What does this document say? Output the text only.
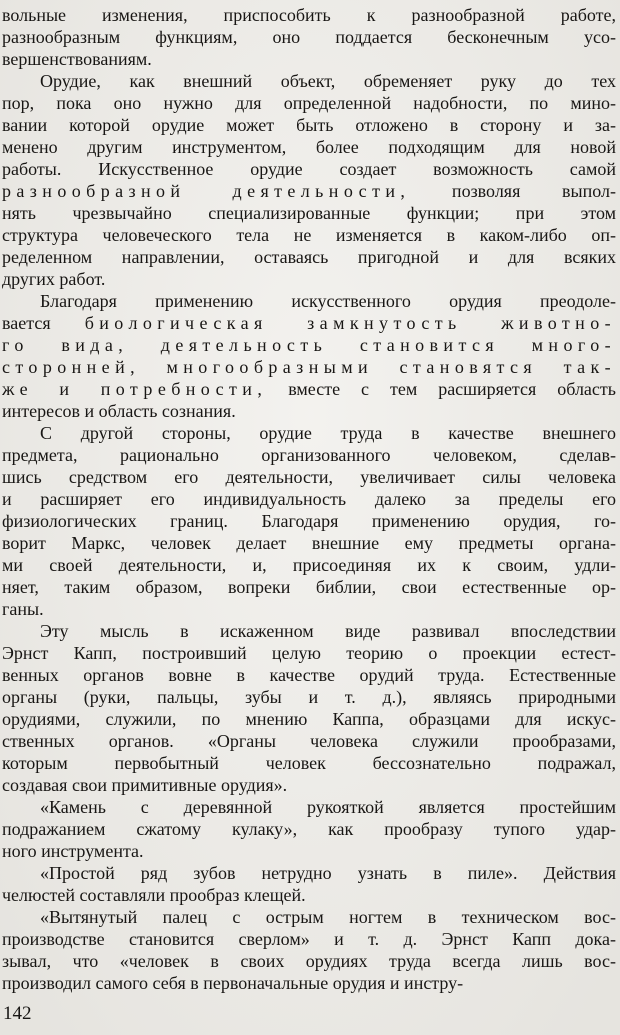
вольные изменения, приспособить к разнообразной работе,
разнообразным функциям, оно поддается бесконечным усо-
вершенствованиям.
Орудие, как внешний объект, обременяет руку до тех
пор, пока оно нужно для определенной надобности, по мино-
вании которой орудие может быть отложено в сторону и за-
менено другим инструментом, более подходящим для новой
работы. Искусственное орудие создает возможность самой
разнообразной деятельности, позволяя выпол-
нять чрезвычайно специализированные функции; при этом
структура человеческого тела не изменяется в каком-либо оп-
ределенном направлении, оставаясь пригодной и для всяких
других работ.
Благодаря применению искусственного орудия преодоле-
вается биологическая замкнутость животно-
го вида, деятельность становится много-
сторонней, многообразными становятся так-
же и потребности, вместе с тем расширяется область
интересов и область сознания.
С другой стороны, орудие труда в качестве внешнего
предмета, рационально организованного человеком, сделав-
шись средством его деятельности, увеличивает силы человека
и расширяет его индивидуальность далеко за пределы его
физиологических границ. Благодаря применению орудия, го-
ворит Маркс, человек делает внешние ему предметы органа-
ми своей деятельности, и, присоединяя их к своим, удли-
няет, таким образом, вопреки библии, свои естественные ор-
ганы.
Эту мысль в искаженном виде развивал впоследствии
Эрнст Капп, построивший целую теорию о проекции естест-
венных органов вовне в качестве орудий труда. Естественные
органы (руки, пальцы, зубы и т. д.), являясь природными
орудиями, служили, по мнению Каппа, образцами для искус-
ственных органов. «Органы человека служили прообразами,
которым первобытный человек бессознательно подражал,
создавая свои примитивные орудия».
«Камень с деревянной рукояткой является простейшим
подражанием сжатому кулаку», как прообразу тупого удар-
ного инструмента.
«Простой ряд зубов нетрудно узнать в пиле». Действия
челюстей составляли прообраз клещей.
«Вытянутый палец с острым ногтем в техническом вос-
производстве становится сверлом» и т. д. Эрнст Капп дока-
зывал, что «человек в своих орудиях труда всегда лишь вос-
производил самого себя в первоначальные орудия и инстру-
142
